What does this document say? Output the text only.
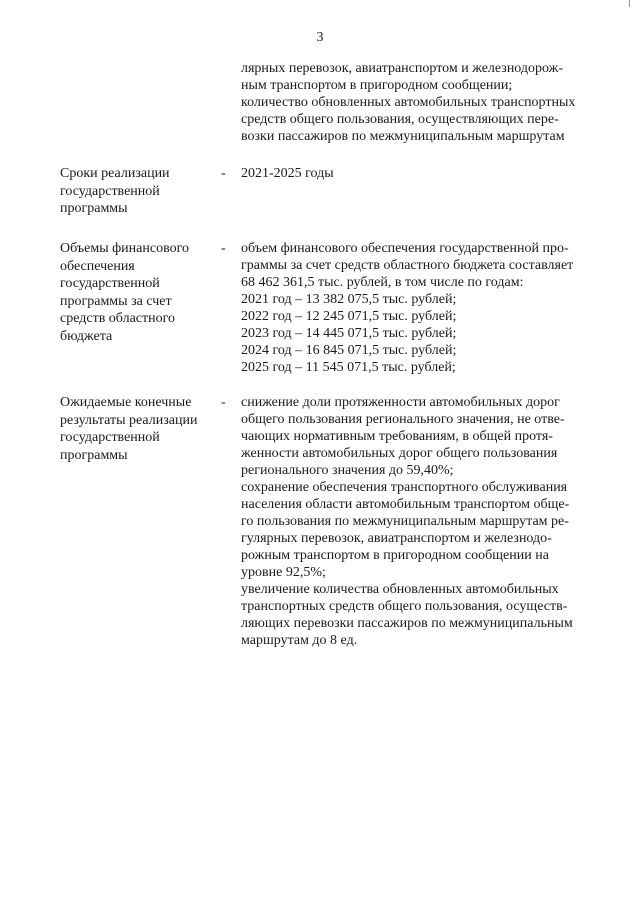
3

лярных перевозок, авиатранспортом и железнодорож-

ным транспортом в пригородном сообщении;

количество обновленных автомобильных транспортных

средств общего пользования, осуществляющих пере-

возки пассажиров по межмуниципальным маршрутам

Сроки реализации
государственной
программы
- 2021-2025 годы

Объемы финансового
обеспечения
государственной
программы за счет
средств областного
бюджета
- объем финансового обеспечения государственной про-

граммы за счет средств областного бюджета составляет

68 462 361,5 тыс. рублей, в том числе по годам:

2021 год – 13 382 075,5 тыс. рублей;

2022 год – 12 245 071,5 тыс. рублей;

2023 год – 14 445 071,5 тыс. рублей;

2024 год – 16 845 071,5 тыс. рублей;

2025 год – 11 545 071,5 тыс. рублей;

Ожидаемые конечные
результаты реализации
государственной
программы
- снижение доли протяженности автомобильных дорог

общего пользования регионального значения, не отве-

чающих нормативным требованиям, в общей протя-

женности автомобильных дорог общего пользования

регионального значения до 59,40%;

сохранение обеспечения транспортного обслуживания

населения области автомобильным транспортом обще-

го пользования по межмуниципальным маршрутам ре-

гулярных перевозок, авиатранспортом и железнодо-

рожным транспортом в пригородном сообщении на

уровне 92,5%;

увеличение количества обновленных автомобильных

транспортных средств общего пользования, осуществ-

ляющих перевозки пассажиров по межмуниципальным

маршрутам до 8 ед.
